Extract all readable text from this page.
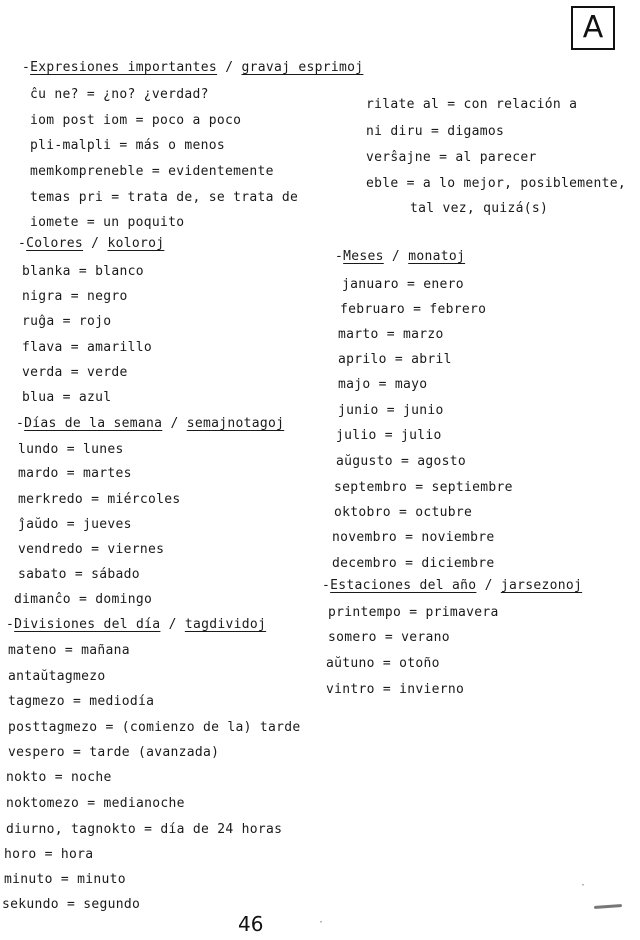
A
-Expresiones importantes / gravaj esprimoj
ĉu ne? = ¿no? ¿verdad?
iom post iom = poco a poco
pli-malpli = más o menos
memkompreneble = evidentemente
temas pri = trata de, se trata de
iomete = un poquito
rilate al = con relación a
ni diru = digamos
verŝajne = al parecer
eble = a lo mejor, posiblemente,
tal vez, quizá(s)
-Colores / koloroj
blanka = blanco
nigra = negro
ruĝa = rojo
flava = amarillo
verda = verde
blua = azul
-Días de la semana / semajnotagoj
lundo = lunes
mardo = martes
merkredo = miércoles
ĵaŭdo = jueves
vendredo = viernes
sabato = sábado
dimanĉo = domingo
-Divisiones del día / tagdividoj
mateno = mañana
antaŭtagmezo
tagmezo = mediodía
posttagmezo = (comienzo de la) tarde
vespero = tarde (avanzada)
nokto = noche
noktomezo = medianoche
diurno, tagnokto = día de 24 horas
horo = hora
minuto = minuto
sekundo = segundo
-Meses / monatoj
januaro = enero
februaro = febrero
marto = marzo
aprilo = abril
majo = mayo
junio = junio
julio = julio
aŭgusto = agosto
septembro = septiembre
oktobro = octubre
novembro = noviembre
decembro = diciembre
-Estaciones del año / jarsezonoj
printempo = primavera
somero = verano
aŭtuno = otoño
vintro = invierno
46	·
·
